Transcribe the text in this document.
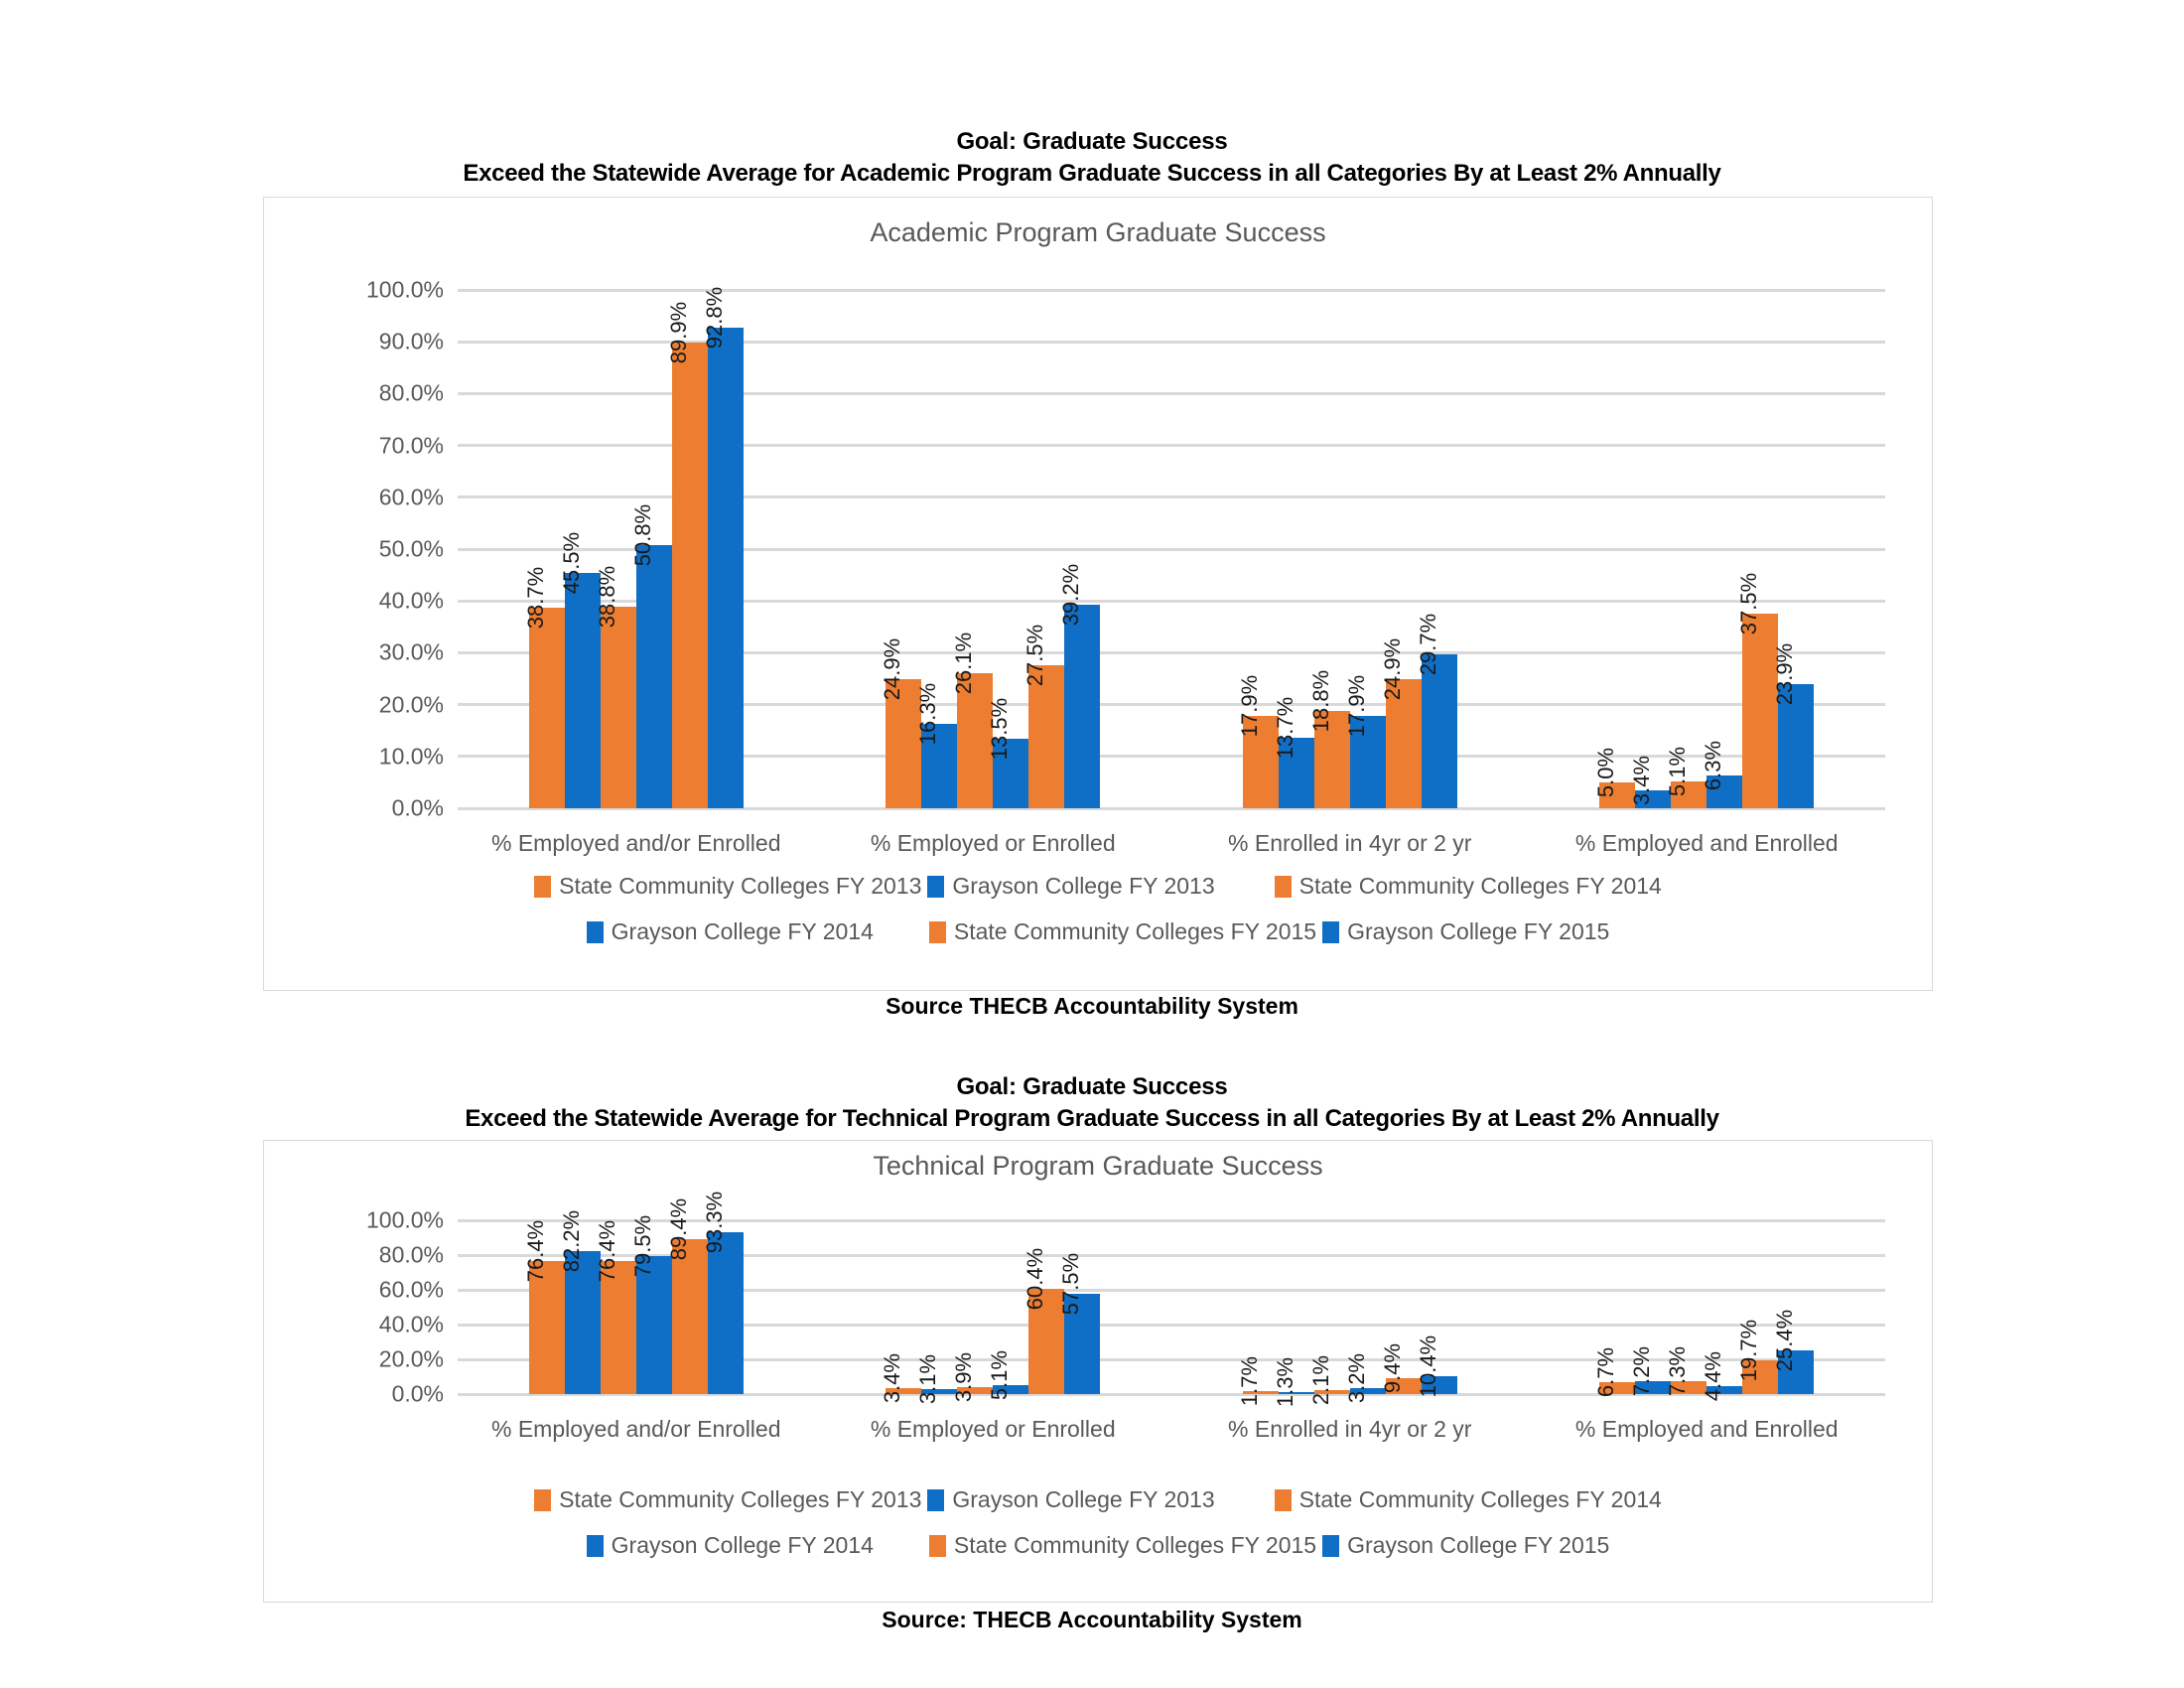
Goal: Graduate Success
Exceed the Statewide Average for Academic Program Graduate Success in all Categories By at Least 2% Annually
Academic Program Graduate Success
0.0%
10.0%
20.0%
30.0%
40.0%
50.0%
60.0%
70.0%
80.0%
90.0%
100.0%
38.7%
45.5%
38.8%
50.8%
89.9% 92.8%
% Employed and/or Enrolled
24.9%
16.3%
26.1%
13.5%
27.5%
39.2%
% Employed or Enrolled
17.9% 13.7% 18.8% 17.9%
24.9% 29.7%
% Enrolled in 4yr or 2 yr
5.0% 3.4% 5.1% 6.3%
37.5%
23.9%
% Employed and Enrolled
State Community Colleges FY 2013 Grayson College FY 2013	State Community Colleges FY 2014
Grayson College FY 2014	State Community Colleges FY 2015 Grayson College FY 2015
Source THECB Accountability System
Goal: Graduate Success
Exceed the Statewide Average for Technical Program Graduate Success in all Categories By at Least 2% Annually
Technical Program Graduate Success
0.0%
20.0%
40.0%
60.0%
80.0%
100.0%
76.4% 82.2% 76.4% 79.5% 89.4% 93.3%
% Employed and/or Enrolled
3.4% 3.1% 3.9% 5.1%
60.4% 57.5%
% Employed or Enrolled
1.7% 1.3% 2.1% 3.2% 9.4% 10.4%
% Enrolled in 4yr or 2 yr
6.7% 7.2% 7.3% 4.4% 19.7% 25.4%
% Employed and Enrolled
State Community Colleges FY 2013 Grayson College FY 2013	State Community Colleges FY 2014
Grayson College FY 2014	State Community Colleges FY 2015 Grayson College FY 2015
Source: THECB Accountability System
